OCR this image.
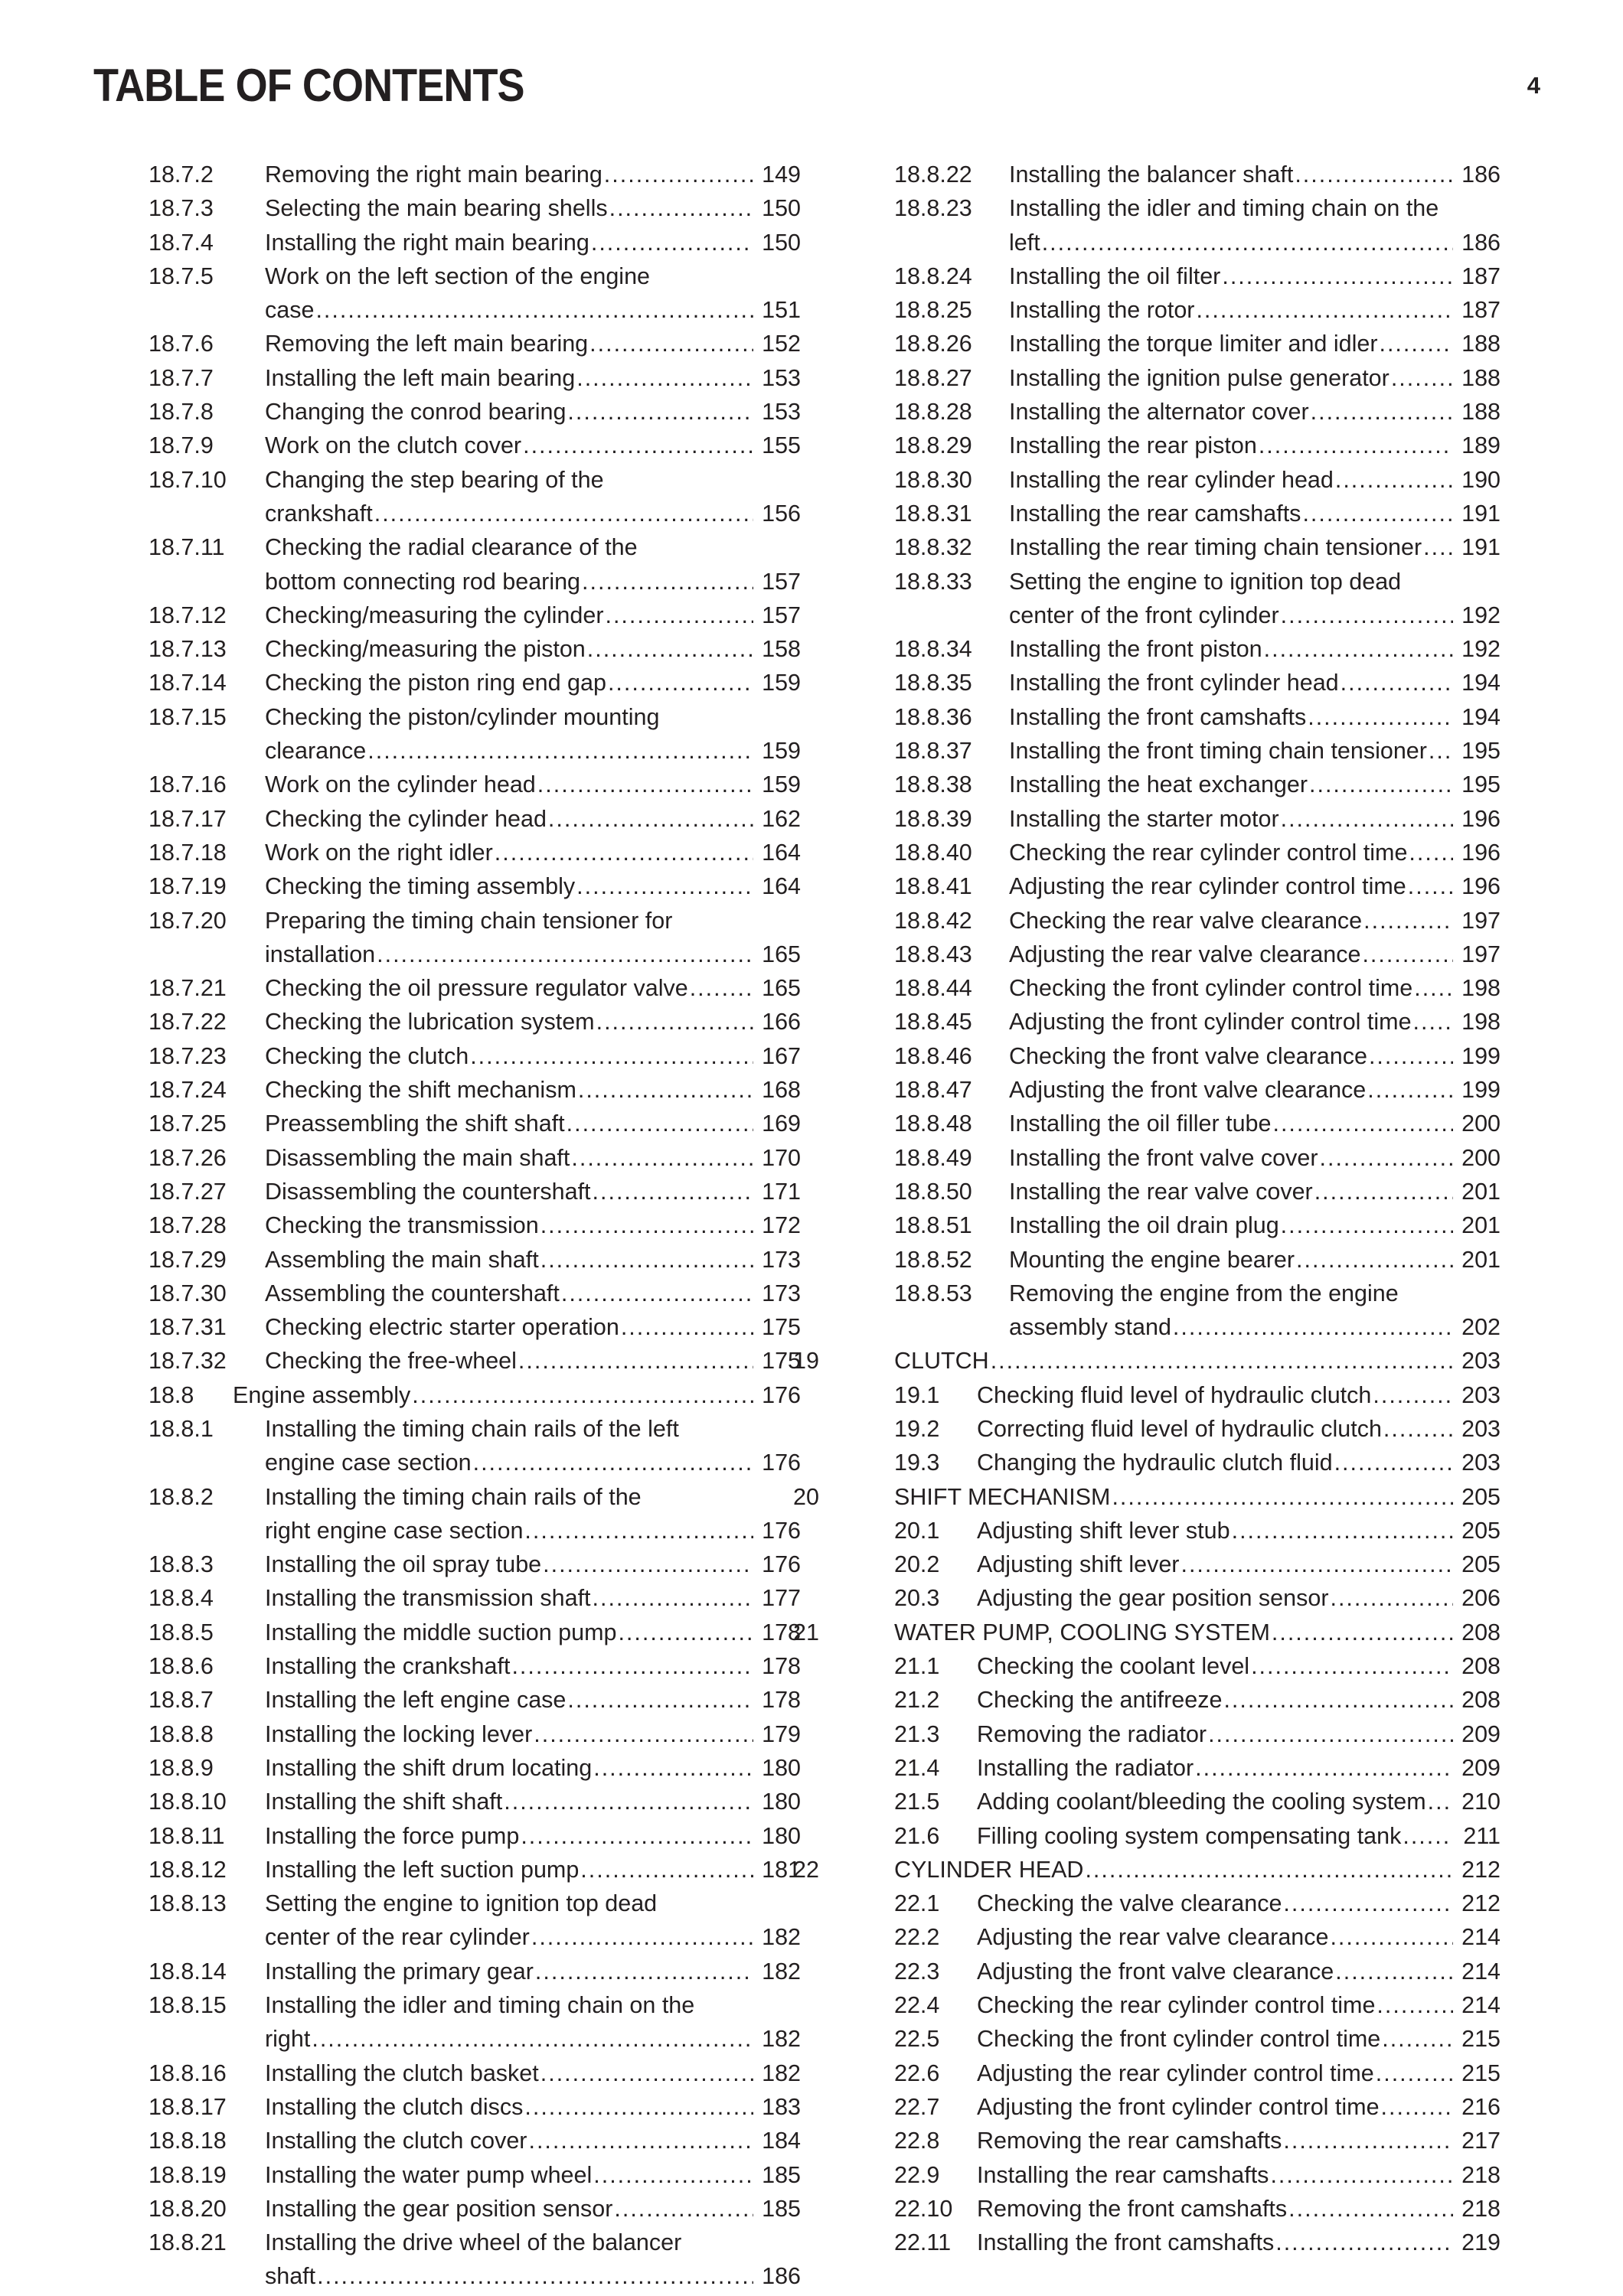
TABLE OF CONTENTS	4
18.7.2 Removing the right main bearing .....	149
18.7.3 Selecting the main bearing shells .....	150
18.7.4 Installing the right main bearing .....	150
18.7.5 Work on the left section of the engine
case .....	151
18.7.6 Removing the left main bearing .....	152
18.7.7 Installing the left main bearing .....	153
18.7.8 Changing the conrod bearing .....	153
18.7.9 Work on the clutch cover .....	155
18.7.10 Changing the step bearing of the
crankshaft .....	156
18.7.11 Checking the radial clearance of the
bottom connecting rod bearing .....	157
18.7.12 Checking/measuring the cylinder .....	157
18.7.13 Checking/measuring the piston .....	158
18.7.14 Checking the piston ring end gap .....	159
18.7.15 Checking the piston/cylinder mounting
clearance .....	159
18.7.16 Work on the cylinder head .....	159
18.7.17 Checking the cylinder head .....	162
18.7.18 Work on the right idler .....	164
18.7.19 Checking the timing assembly .....	164
18.7.20 Preparing the timing chain tensioner for
installation .....	165
18.7.21 Checking the oil pressure regulator valve .....	165
18.7.22 Checking the lubrication system .....	166
18.7.23 Checking the clutch .....	167
18.7.24 Checking the shift mechanism .....	168
18.7.25 Preassembling the shift shaft .....	169
18.7.26 Disassembling the main shaft .....	170
18.7.27 Disassembling the countershaft .....	171
18.7.28 Checking the transmission .....	172
18.7.29 Assembling the main shaft .....	173
18.7.30 Assembling the countershaft .....	173
18.7.31 Checking electric starter operation .....	175
18.7.32 Checking the free-wheel .....	175
18.8 Engine assembly .....	176
18.8.1 Installing the timing chain rails of the left
engine case section .....	176
18.8.2 Installing the timing chain rails of the
right engine case section .....	176
18.8.3 Installing the oil spray tube .....	176
18.8.4 Installing the transmission shaft .....	177
18.8.5 Installing the middle suction pump .....	178
18.8.6 Installing the crankshaft .....	178
18.8.7 Installing the left engine case .....	178
18.8.8 Installing the locking lever .....	179
18.8.9 Installing the shift drum locating .....	180
18.8.10 Installing the shift shaft .....	180
18.8.11 Installing the force pump .....	180
18.8.12 Installing the left suction pump .....	181
18.8.13 Setting the engine to ignition top dead
center of the rear cylinder .....	182
18.8.14 Installing the primary gear .....	182
18.8.15 Installing the idler and timing chain on the
right .....	182
18.8.16 Installing the clutch basket .....	182
18.8.17 Installing the clutch discs .....	183
18.8.18 Installing the clutch cover .....	184
18.8.19 Installing the water pump wheel .....	185
18.8.20 Installing the gear position sensor .....	185
18.8.21 Installing the drive wheel of the balancer
shaft .....	186
18.8.22 Installing the balancer shaft .....	186
18.8.23 Installing the idler and timing chain on the
left .....	186
18.8.24 Installing the oil filter .....	187
18.8.25 Installing the rotor .....	187
18.8.26 Installing the torque limiter and idler .....	188
18.8.27 Installing the ignition pulse generator .....	188
18.8.28 Installing the alternator cover .....	188
18.8.29 Installing the rear piston .....	189
18.8.30 Installing the rear cylinder head .....	190
18.8.31 Installing the rear camshafts .....	191
18.8.32 Installing the rear timing chain tensioner ..... 191
18.8.33 Setting the engine to ignition top dead
center of the front cylinder .....	192
18.8.34 Installing the front piston .....	192
18.8.35 Installing the front cylinder head .....	194
18.8.36 Installing the front camshafts .....	194
18.8.37 Installing the front timing chain tensioner ..... 195
18.8.38 Installing the heat exchanger .....	195
18.8.39 Installing the starter motor .....	196
18.8.40 Checking the rear cylinder control time ..... 196
18.8.41 Adjusting the rear cylinder control time ..... 196
18.8.42 Checking the rear valve clearance .....	197
18.8.43 Adjusting the rear valve clearance .....	197
18.8.44 Checking the front cylinder control time ..... 198
18.8.45 Adjusting the front cylinder control time ..... 198
18.8.46 Checking the front valve clearance .....	199
18.8.47 Adjusting the front valve clearance .....	199
18.8.48 Installing the oil filler tube .....	200
18.8.49 Installing the front valve cover .....	200
18.8.50 Installing the rear valve cover .....	201
18.8.51 Installing the oil drain plug .....	201
18.8.52 Mounting the engine bearer .....	201
18.8.53 Removing the engine from the engine
assembly stand .....	202
19	CLUTCH .....	203
19.1 Checking fluid level of hydraulic clutch .....	203
19.2 Correcting fluid level of hydraulic clutch .....	203
19.3 Changing the hydraulic clutch fluid .....	203
20	SHIFT MECHANISM .....	205
20.1 Adjusting shift lever stub .....	205
20.2 Adjusting shift lever .....	205
20.3 Adjusting the gear position sensor .....	206
21	WATER PUMP, COOLING SYSTEM .....	208
21.1 Checking the coolant level .....	208
21.2 Checking the antifreeze .....	208
21.3 Removing the radiator .....	209
21.4 Installing the radiator .....	209
21.5 Adding coolant/bleeding the cooling system ..... 210
21.6 Filling cooling system compensating tank .....	211
22	CYLINDER HEAD .....	212
22.1 Checking the valve clearance .....	212
22.2 Adjusting the rear valve clearance .....	214
22.3 Adjusting the front valve clearance .....	214
22.4 Checking the rear cylinder control time .....	214
22.5 Checking the front cylinder control time .....	215
22.6 Adjusting the rear cylinder control time .....	215
22.7 Adjusting the front cylinder control time .....	216
22.8 Removing the rear camshafts .....	217
22.9 Installing the rear camshafts .....	218
22.10 Removing the front camshafts .....	218
22.11 Installing the front camshafts .....	219
